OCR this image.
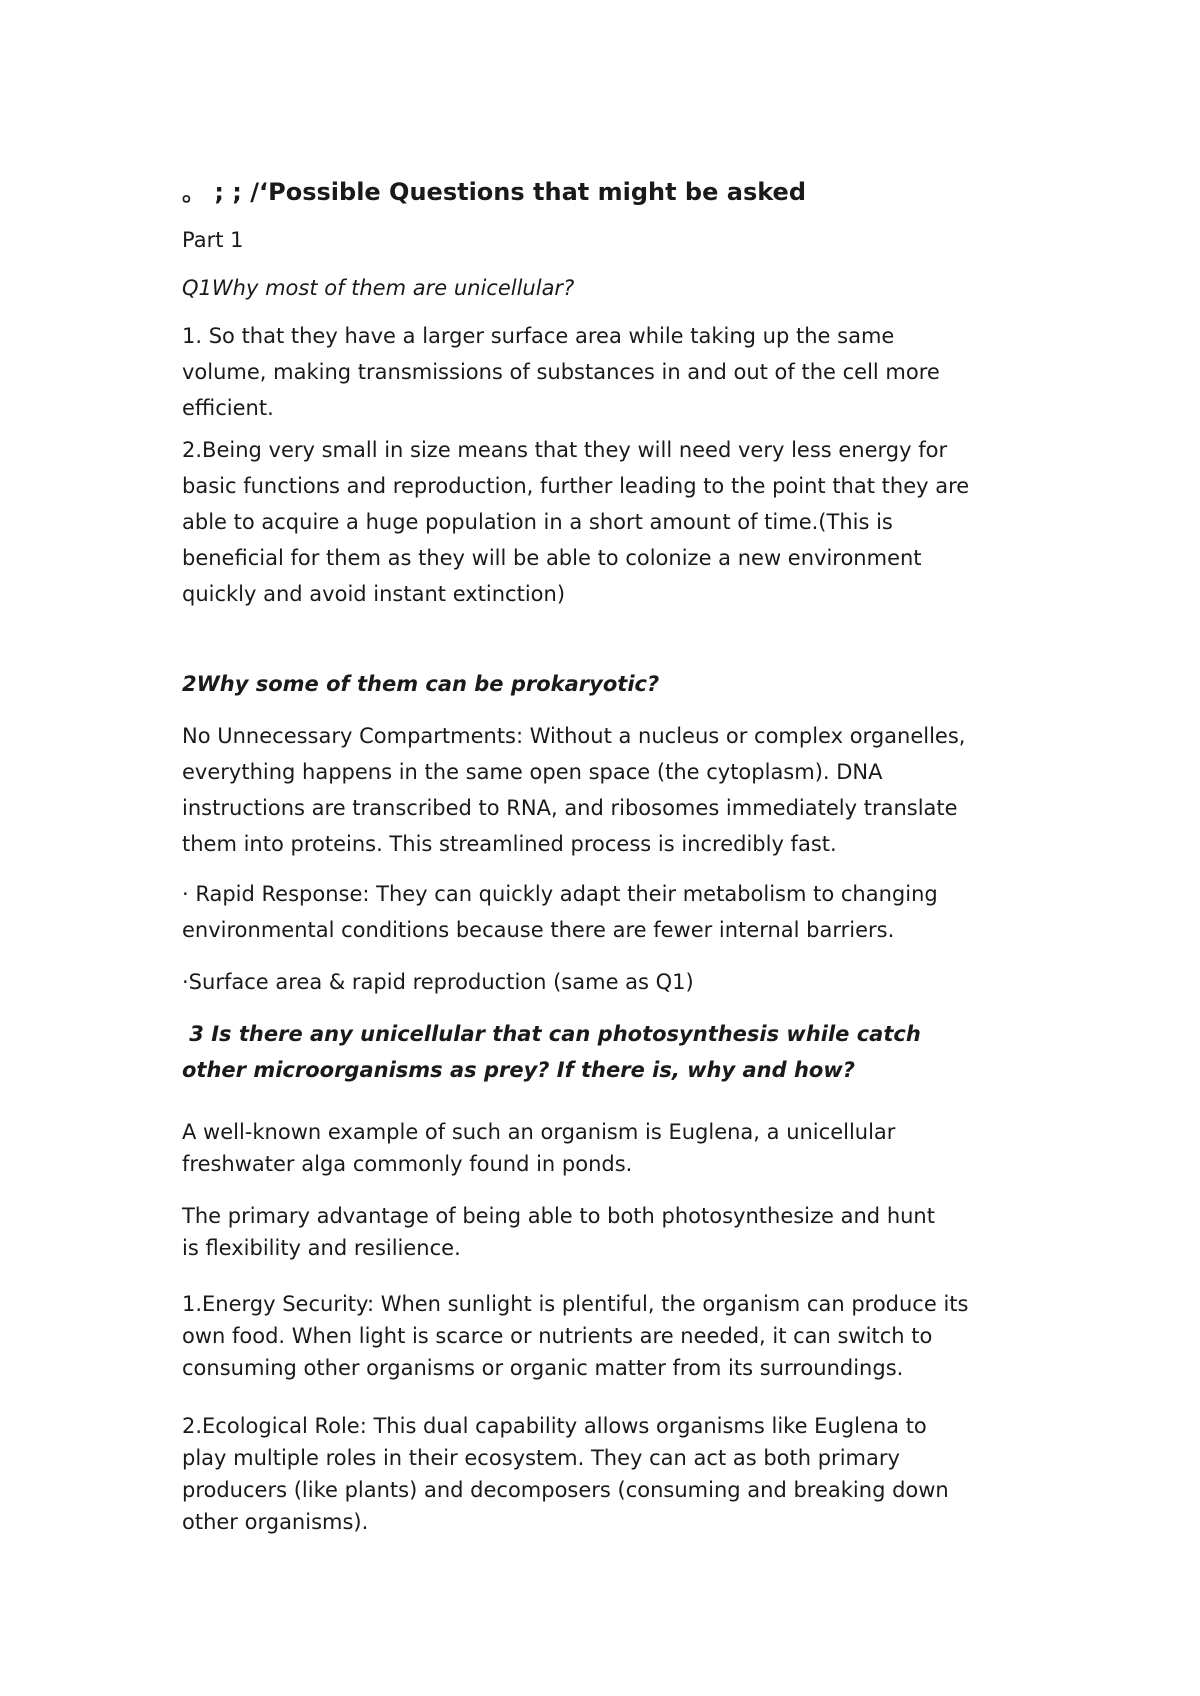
。 ; ; /‘Possible Questions that might be asked
Part 1
Q1Why most of them are unicellular?
1. So that they have a larger surface area while taking up the same
volume, making transmissions of substances in and out of the cell more
efficient.
2.Being very small in size means that they will need very less energy for
basic functions and reproduction, further leading to the point that they are
able to acquire a huge population in a short amount of time.(This is
beneficial for them as they will be able to colonize a new environment
quickly and avoid instant extinction)
2Why some of them can be prokaryotic?
No Unnecessary Compartments: Without a nucleus or complex organelles,
everything happens in the same open space (the cytoplasm). DNA
instructions are transcribed to RNA, and ribosomes immediately translate
them into proteins. This streamlined process is incredibly fast.
· Rapid Response: They can quickly adapt their metabolism to changing
environmental conditions because there are fewer internal barriers.
·Surface area & rapid reproduction (same as Q1)
3 Is there any unicellular that can photosynthesis while catch
other microorganisms as prey? If there is, why and how?
A well-known example of such an organism is Euglena, a unicellular
freshwater alga commonly found in ponds.
The primary advantage of being able to both photosynthesize and hunt
is flexibility and resilience.
1.Energy Security: When sunlight is plentiful, the organism can produce its
own food. When light is scarce or nutrients are needed, it can switch to
consuming other organisms or organic matter from its surroundings.
2.Ecological Role: This dual capability allows organisms like Euglena to
play multiple roles in their ecosystem. They can act as both primary
producers (like plants) and decomposers (consuming and breaking down
other organisms).
